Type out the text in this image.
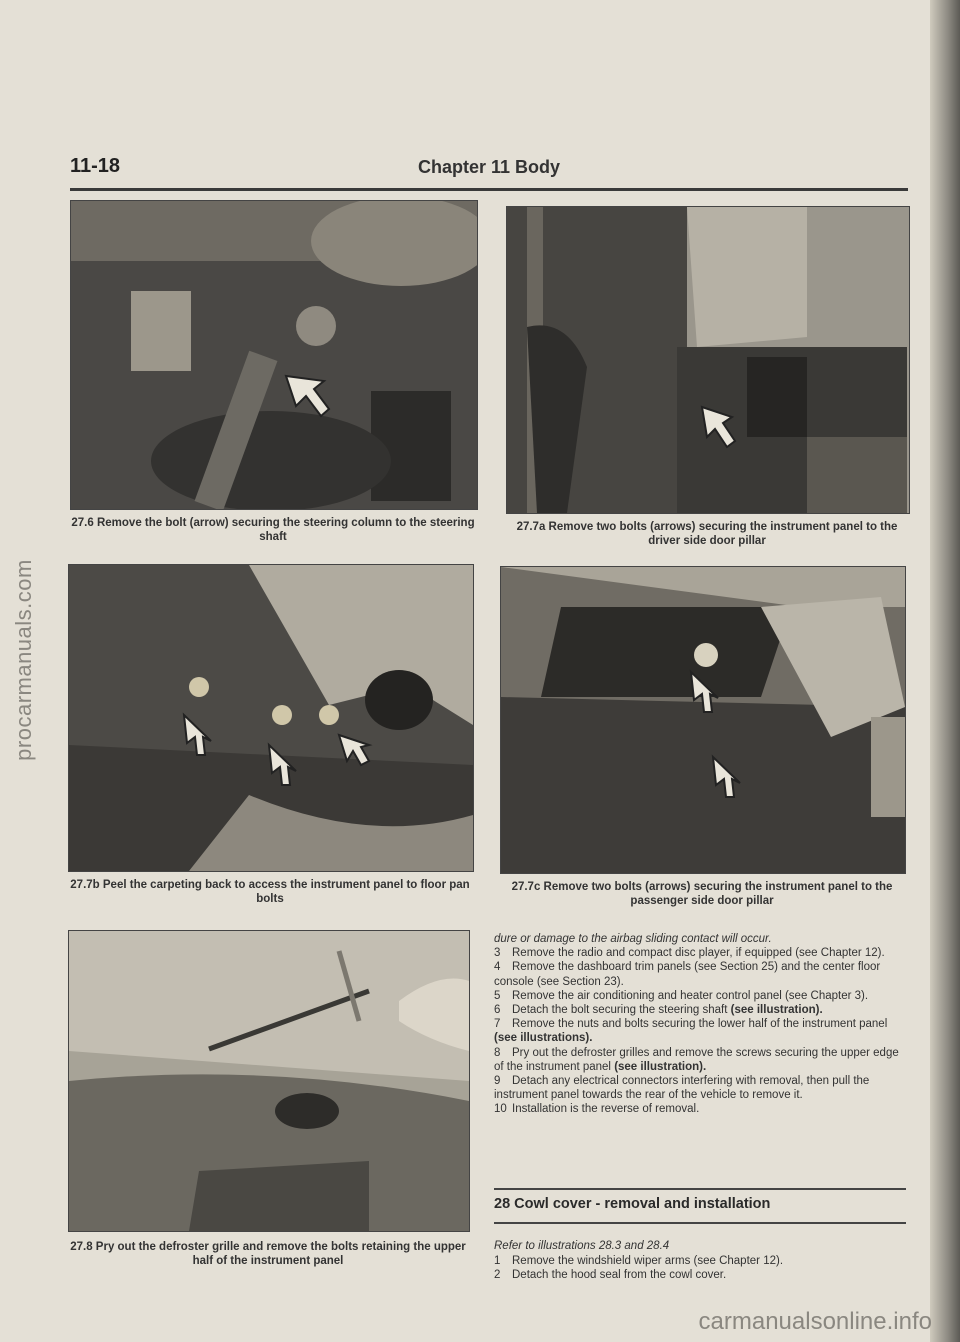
procarmanuals.com
11-18	Chapter 11 Body
27.6 Remove the bolt (arrow) securing the steering column to the steering shaft
27.7a Remove two bolts (arrows) securing the instrument panel to the driver side door pillar
27.7b Peel the carpeting back to access the instrument panel to floor pan bolts
27.7c Remove two bolts (arrows) securing the instrument panel to the passenger side door pillar
27.8 Pry out the defroster grille and remove the bolts retaining the upper half of the instrument panel

dure or damage to the airbag sliding contact will occur.

3 Remove the radio and compact disc player, if equipped (see Chapter 12).
4 Remove the dashboard trim panels (see Section 25) and the center floor console (see Section 23).
5 Remove the air conditioning and heater control panel (see Chapter 3).
6 Detach the bolt securing the steering shaft (see illustration).
7 Remove the nuts and bolts securing the lower half of the instrument panel (see illustrations).
8 Pry out the defroster grilles and remove the screws securing the upper edge of the instrument panel (see illustration).
9 Detach any electrical connectors interfering with removal, then pull the instrument panel towards the rear of the vehicle to remove it.
10 Installation is the reverse of removal.
28 Cowl cover - removal and installation
Refer to illustrations 28.3 and 28.4
1 Remove the windshield wiper arms (see Chapter 12).
2 Detach the hood seal from the cowl cover.
carmanualsonline.info
